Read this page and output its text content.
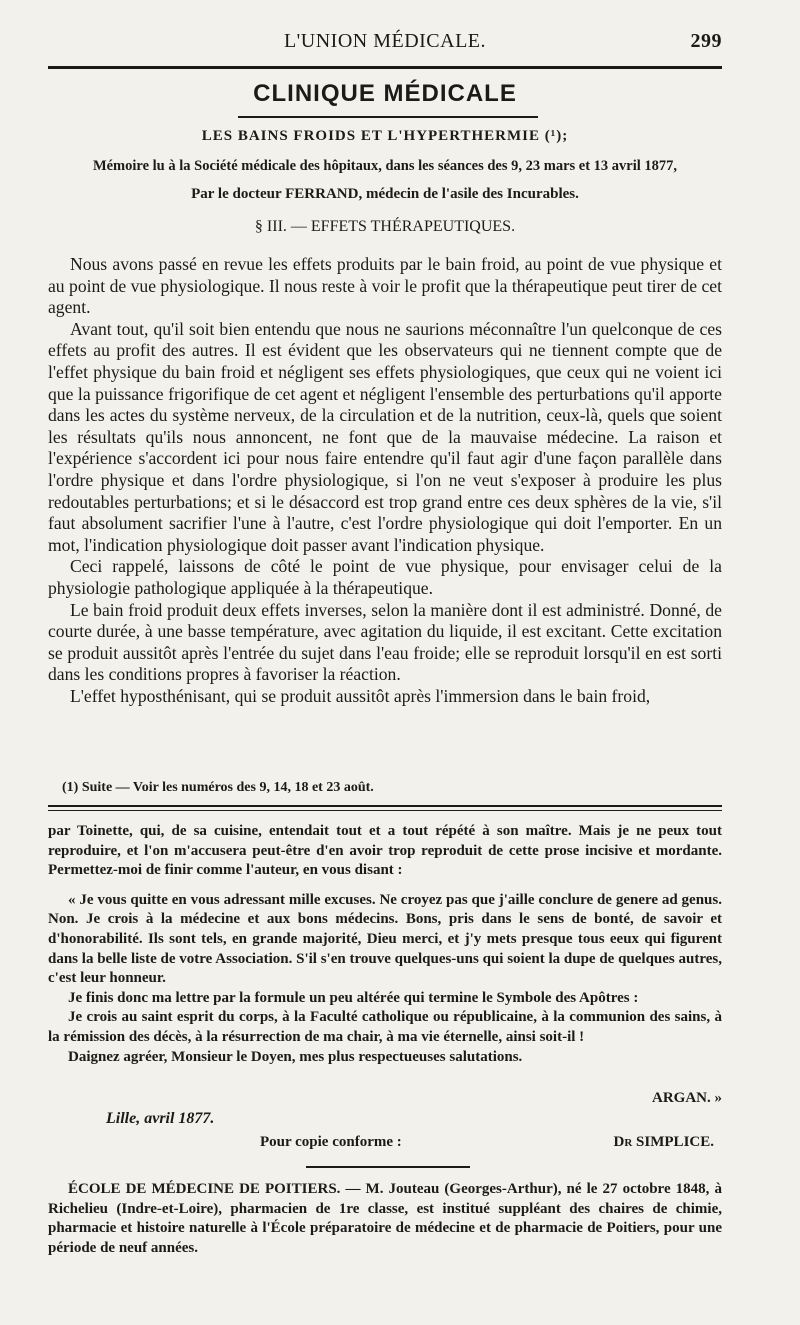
L'UNION MÉDICALE.	299
CLINIQUE MÉDICALE
LES BAINS FROIDS ET L'HYPERTHERMIE (¹);
Mémoire lu à la Société médicale des hôpitaux, dans les séances des 9, 23 mars et 13 avril 1877,
Par le docteur FERRAND, médecin de l'asile des Incurables.
§ III. — EFFETS THÉRAPEUTIQUES.

Nous avons passé en revue les effets produits par le bain froid, au point de vue physique et au point de vue physiologique. Il nous reste à voir le profit que la thérapeutique peut tirer de cet agent.

Avant tout, qu'il soit bien entendu que nous ne saurions méconnaître l'un quelconque de ces effets au profit des autres. Il est évident que les observateurs qui ne tiennent compte que de l'effet physique du bain froid et négligent ses effets physiologiques, que ceux qui ne voient ici que la puissance frigorifique de cet agent et négligent l'ensemble des perturbations qu'il apporte dans les actes du système nerveux, de la circulation et de la nutrition, ceux-là, quels que soient les résultats qu'ils nous annoncent, ne font que de la mauvaise médecine. La raison et l'expérience s'accordent ici pour nous faire entendre qu'il faut agir d'une façon parallèle dans l'ordre physique et dans l'ordre physiologique, si l'on ne veut s'exposer à produire les plus redoutables perturbations; et si le désaccord est trop grand entre ces deux sphères de la vie, s'il faut absolument sacrifier l'une à l'autre, c'est l'ordre physiologique qui doit l'emporter. En un mot, l'indication physiologique doit passer avant l'indication physique.

Ceci rappelé, laissons de côté le point de vue physique, pour envisager celui de la physiologie pathologique appliquée à la thérapeutique.

Le bain froid produit deux effets inverses, selon la manière dont il est administré. Donné, de courte durée, à une basse température, avec agitation du liquide, il est excitant. Cette excitation se produit aussitôt après l'entrée du sujet dans l'eau froide; elle se reproduit lorsqu'il en est sorti dans les conditions propres à favoriser la réaction.

L'effet hyposthénisant, qui se produit aussitôt après l'immersion dans le bain froid,

(1) Suite — Voir les numéros des 9, 14, 18 et 23 août.

par Toinette, qui, de sa cuisine, entendait tout et a tout répété à son maître. Mais je ne peux tout reproduire, et l'on m'accusera peut-être d'en avoir trop reproduit de cette prose incisive et mordante. Permettez-moi de finir comme l'auteur, en vous disant :

« Je vous quitte en vous adressant mille excuses. Ne croyez pas que j'aille conclure de genere ad genus. Non. Je crois à la médecine et aux bons médecins. Bons, pris dans le sens de bonté, de savoir et d'honorabilité. Ils sont tels, en grande majorité, Dieu merci, et j'y mets presque tous eeux qui figurent dans la belle liste de votre Association. S'il s'en trouve quelques-uns qui soient la dupe de quelques autres, c'est leur honneur.

Je finis donc ma lettre par la formule un peu altérée qui termine le Symbole des Apôtres :

Je crois au saint esprit du corps, à la Faculté catholique ou républicaine, à la communion des sains, à la rémission des décès, à la résurrection de ma chair, à ma vie éternelle, ainsi soit-il !

Daignez agréer, Monsieur le Doyen, mes plus respectueuses salutations.

ARGAN. »
Lille, avril 1877.
Pour copie conforme :	Dr SIMPLICE.

ÉCOLE DE MÉDECINE DE POITIERS. — M. Jouteau (Georges-Arthur), né le 27 octobre 1848, à Richelieu (Indre-et-Loire), pharmacien de 1re classe, est institué suppléant des chaires de chimie, pharmacie et histoire naturelle à l'École préparatoire de médecine et de pharmacie de Poitiers, pour une période de neuf années.
